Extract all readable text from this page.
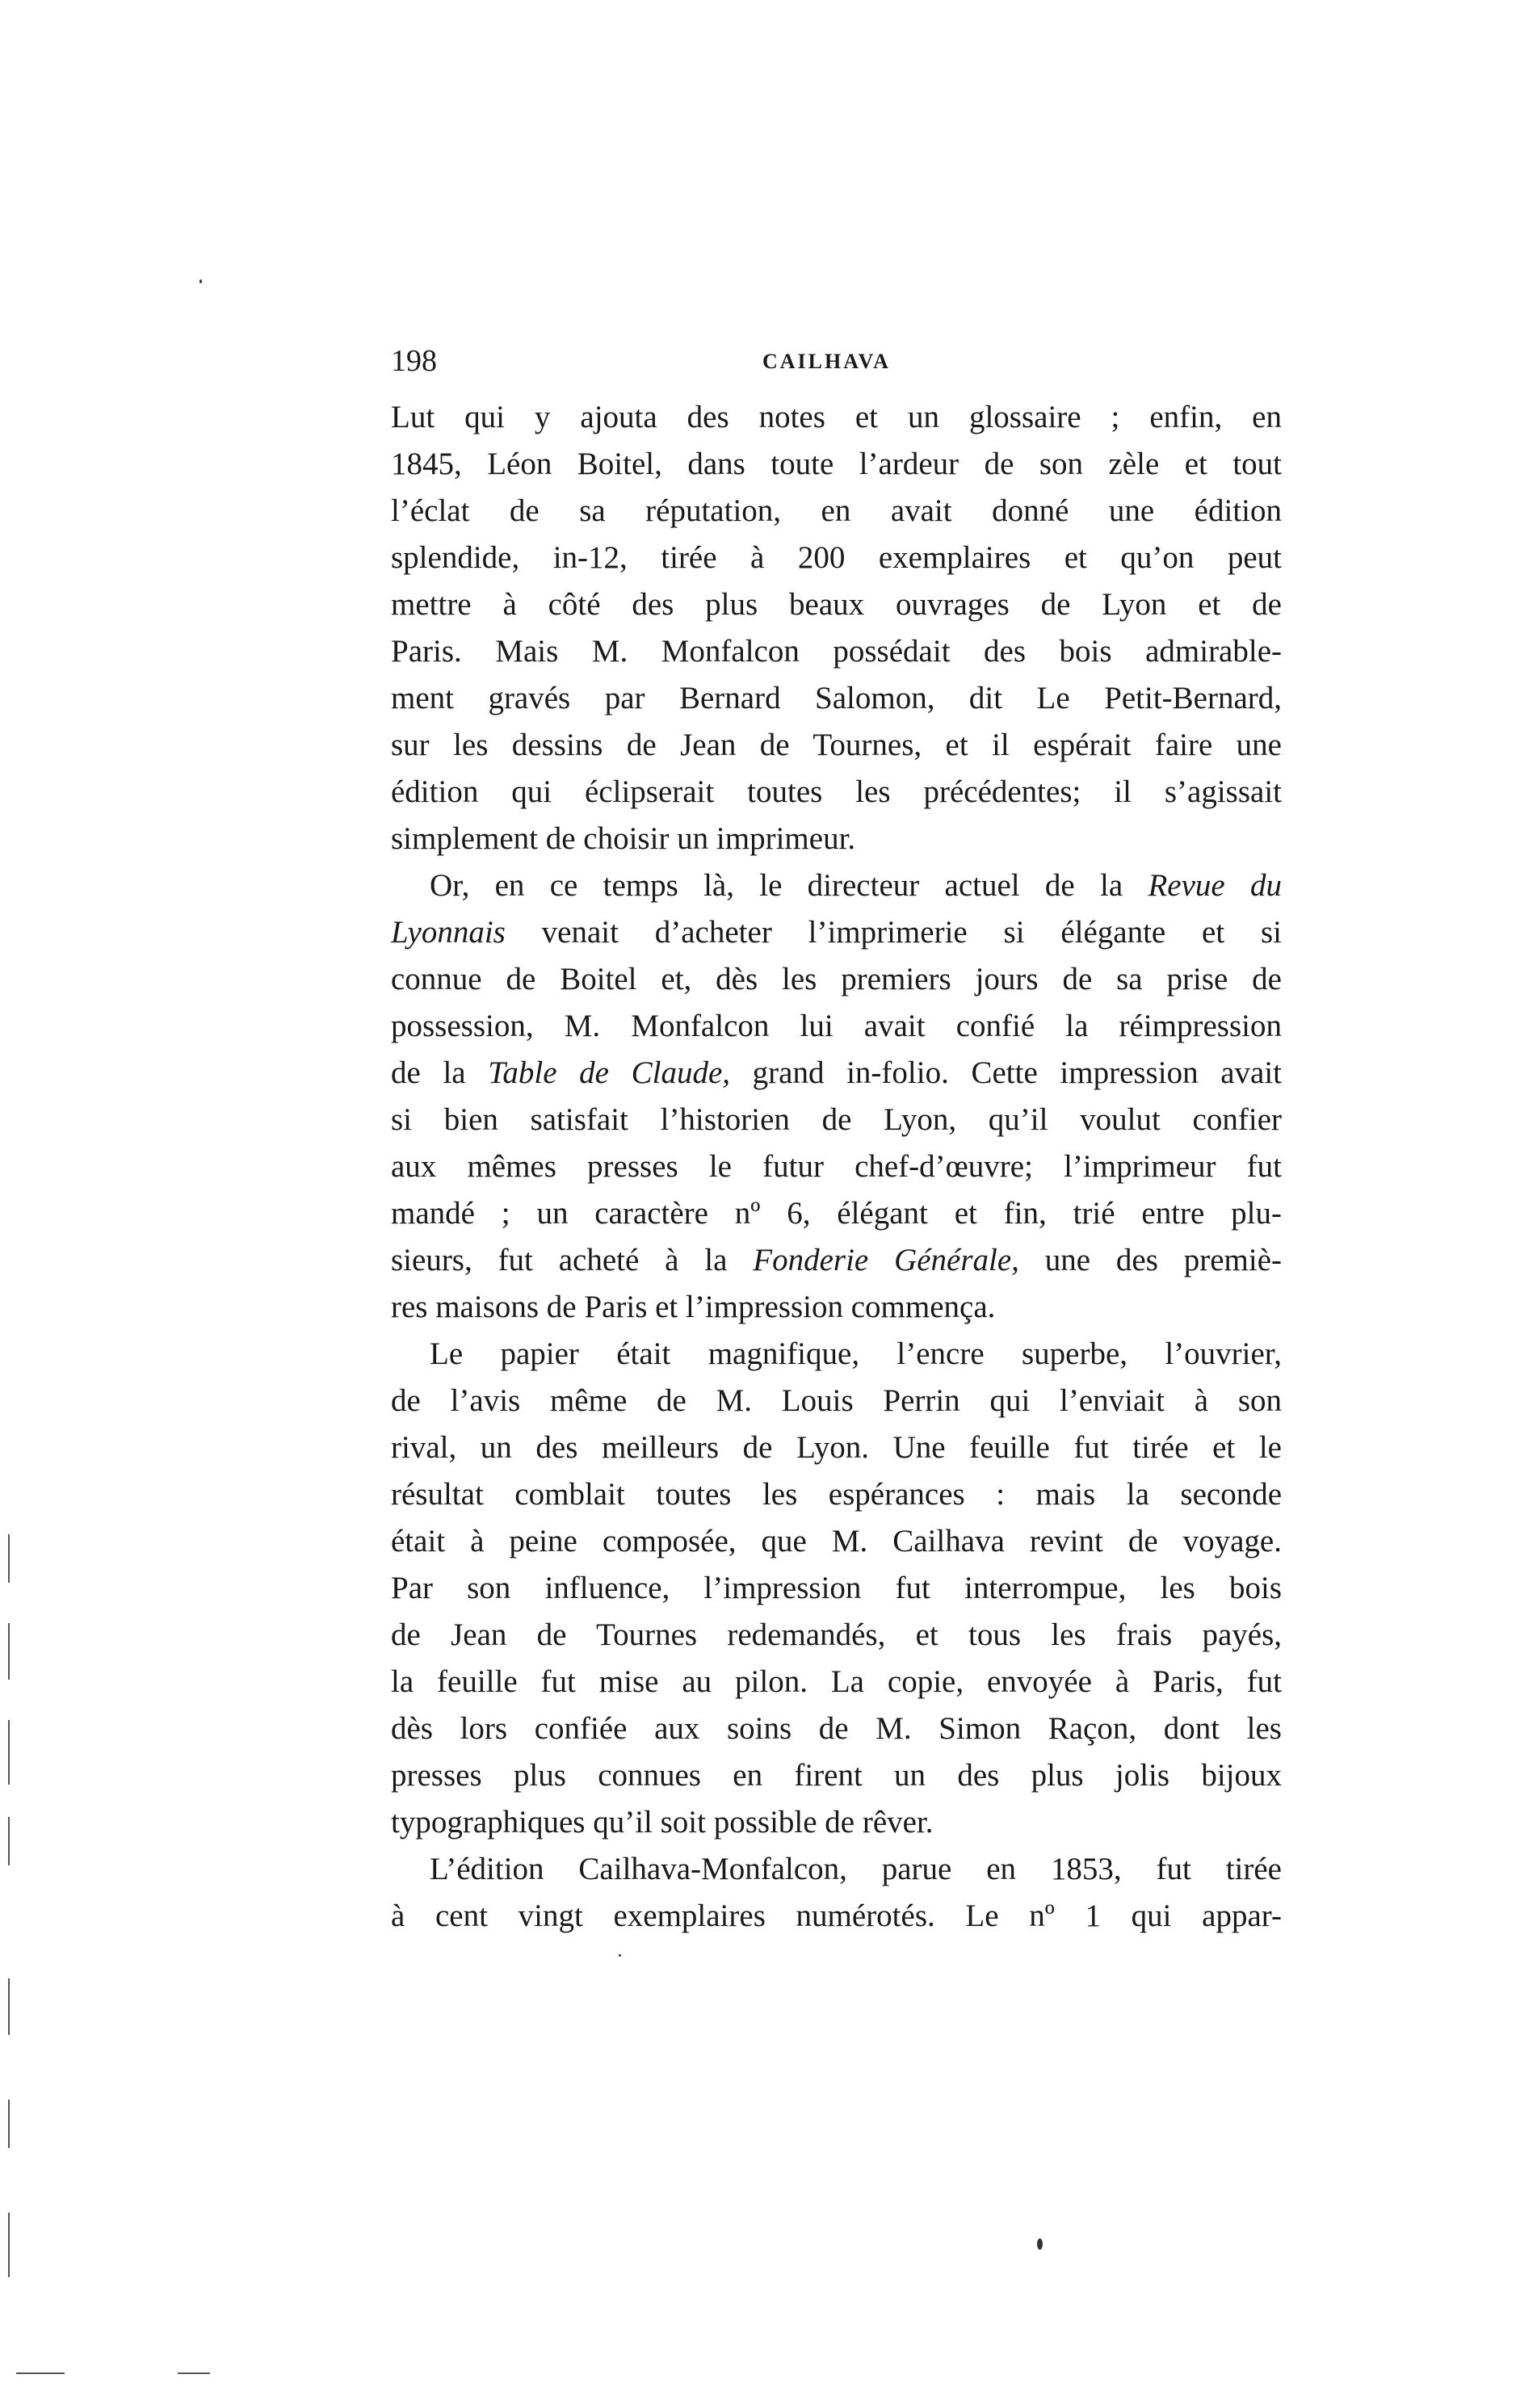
198	CAILHAVA
Lut qui y ajouta des notes et un glossaire ; enfin, en
1845, Léon Boitel, dans toute l’ardeur de son zèle et tout
l’éclat de sa réputation, en avait donné une édition
splendide, in-12, tirée à 200 exemplaires et qu’on peut
mettre à côté des plus beaux ouvrages de Lyon et de
Paris. Mais M. Monfalcon possédait des bois admirable-
ment gravés par Bernard Salomon, dit Le Petit-Bernard,
sur les dessins de Jean de Tournes, et il espérait faire une
édition qui éclipserait toutes les précédentes; il s’agissait
simplement de choisir un imprimeur.
Or, en ce temps là, le directeur actuel de la Revue du
Lyonnais venait d’acheter l’imprimerie si élégante et si
connue de Boitel et, dès les premiers jours de sa prise de
possession, M. Monfalcon lui avait confié la réimpression
de la Table de Claude, grand in-folio. Cette impression avait
si bien satisfait l’historien de Lyon, qu’il voulut confier
aux mêmes presses le futur chef-d’œuvre; l’imprimeur fut
mandé ; un caractère nº 6, élégant et fin, trié entre plu-
sieurs, fut acheté à la Fonderie Générale, une des premiè-
res maisons de Paris et l’impression commença.
Le papier était magnifique, l’encre superbe, l’ouvrier,
de l’avis même de M. Louis Perrin qui l’enviait à son
rival, un des meilleurs de Lyon. Une feuille fut tirée et le
résultat comblait toutes les espérances : mais la seconde
était à peine composée, que M. Cailhava revint de voyage.
Par son influence, l’impression fut interrompue, les bois
de Jean de Tournes redemandés, et tous les frais payés,
la feuille fut mise au pilon. La copie, envoyée à Paris, fut
dès lors confiée aux soins de M. Simon Raçon, dont les
presses plus connues en firent un des plus jolis bijoux
typographiques qu’il soit possible de rêver.
L’édition Cailhava-Monfalcon, parue en 1853, fut tirée
à cent vingt exemplaires numérotés. Le nº 1 qui appar-
